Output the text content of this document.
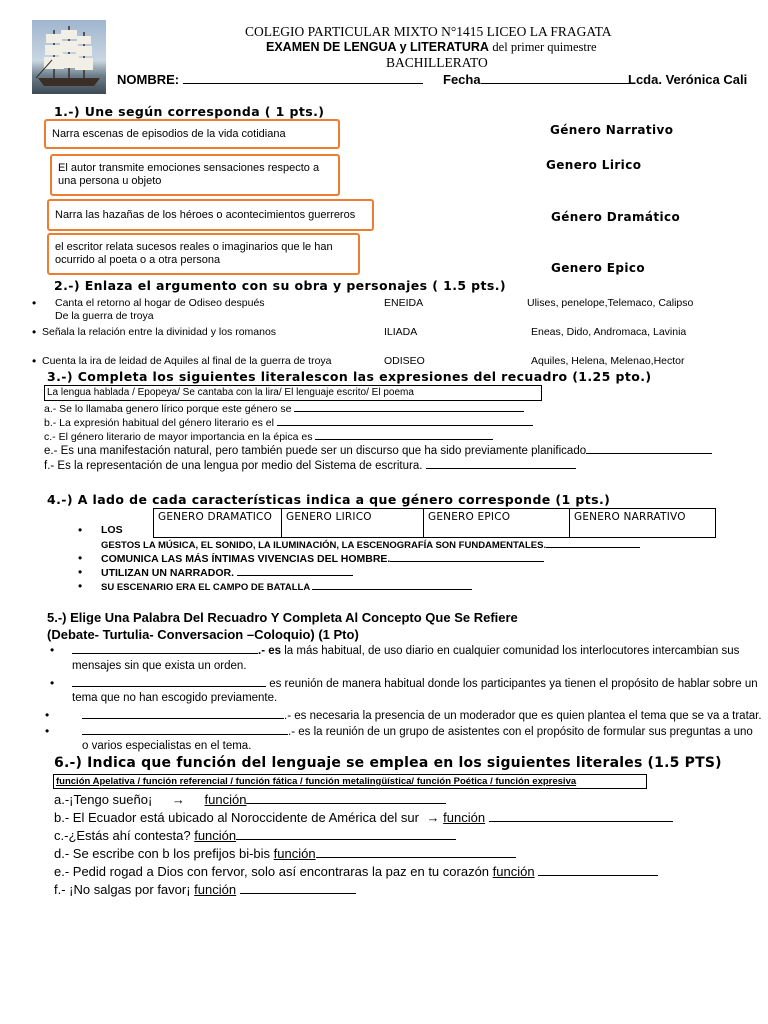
COLEGIO PARTICULAR MIXTO N°1415 LICEO LA FRAGATA
EXAMEN DE LENGUA y LITERATURA del primer quimestre
BACHILLERATO
NOMBRE:	Fecha	Lcda. Verónica Cali
1.-) Une según corresponda ( 1 pts.)
Narra escenas de episodios de la vida cotidiana
El autor transmite emociones sensaciones respecto a una persona u objeto
Narra las hazañas de los héroes o acontecimientos guerreros
el escritor relata sucesos reales o imaginarios que le han ocurrido al poeta o a otra persona
Género Narrativo
Genero Lirico
Género Dramático
Genero Epico
2.-) Enlaza el argumento con su obra y personajes ( 1.5 pts.)
• Canta el retorno al hogar de Odiseo después
De la guerra de troya
ENEIDA	Ulises, penelope,Telemaco, Calipso
• Señala la relación entre la divinidad y los romanos	ILIADA	Eneas, Dido, Andromaca, Lavinia
• Cuenta la ira de leidad de Aquiles al final de la guerra de troya	ODISEO	Aquiles, Helena, Melenao,Hector
3.-) Completa los siguientes literalescon las expresiones del recuadro (1.25 pto.)
La lengua hablada / Epopeya/ Se cantaba con la lira/ El lenguaje escrito/ El poema
a.- Se lo llamaba genero lírico porque este género se
b.- La expresión habitual del género literario es el
c.- El género literario de mayor importancia en la épica es
e.- Es una manifestación natural, pero también puede ser un discurso que ha sido previamente planificado
f.- Es la representación de una lengua por medio del Sistema de escritura.
4.-) A lado de cada características indica a que género corresponde (1 pts.)
GENERO DRAMATICO	GENERO LIRICO	GENERO EPICO	GENERO NARRATIVO
• LOS
GESTOS LA MÚSICA, EL SONIDO, LA ILUMINACIÓN, LA ESCENOGRAFÍA SON FUNDAMENTALES.
• COMUNICA LAS MÁS ÍNTIMAS VIVENCIAS DEL HOMBRE.
• UTILIZAN UN NARRADOR.
• SU ESCENARIO ERA EL CAMPO DE BATALLA
5.-) Elige Una Palabra Del Recuadro Y Completa Al Concepto Que Se Refiere
(Debate- Turtulia- Conversacion –Coloquio) (1 Pto)
•	.- es la más habitual, de uso diario en cualquier comunidad los interlocutores intercambian sus
mensajes sin que exista un orden.
•	es reunión de manera habitual donde los participantes ya tienen el propósito de hablar sobre un
tema que no han escogido previamente.
•	.- es necesaria la presencia de un moderador que es quien plantea el tema que se va a tratar.
•	.- es la reunión de un grupo de asistentes con el propósito de formular sus preguntas a uno
o varios especialistas en el tema.
6.-) Indica que función del lenguaje se emplea en los siguientes literales (1.5 PTS)
función Apelativa / función referencial / función fática / función metalingüística/ función Poética / función expresiva
a.-¡Tengo sueño¡ → función
b.- El Ecuador está ubicado al Noroccidente de América del sur → función
c.-¿Estás ahí contesta? función
d.- Se escribe con b los prefijos bi-bis función
e.- Pedid rogad a Dios con fervor, solo así encontraras la paz en tu corazón función
f.- ¡No salgas por favor¡ función
